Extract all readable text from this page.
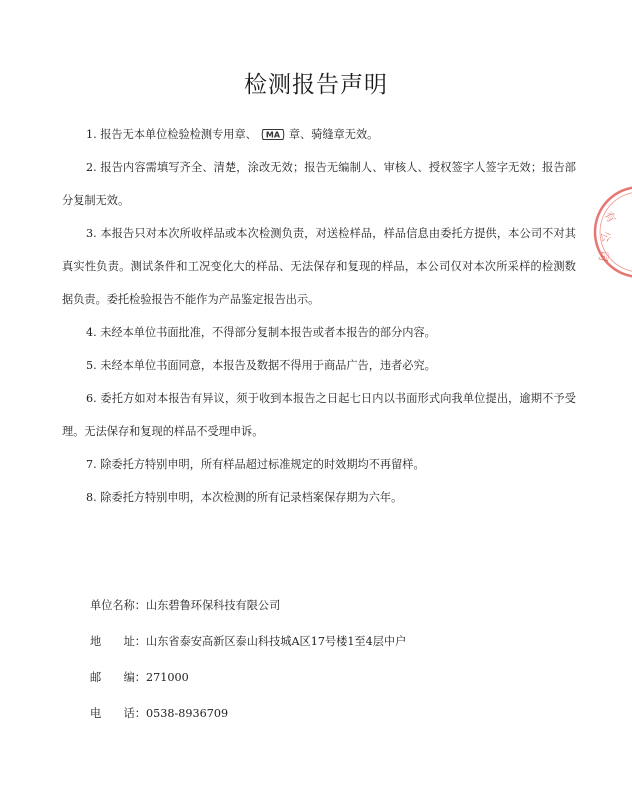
检测报告声明

1. 报告无本单位检验检测专用章、 MA 章、骑缝章无效。

2. 报告内容需填写齐全、清楚，涂改无效；报告无编制人、审核人、授权签字人签字无效；报告部分复制无效。

3. 本报告只对本次所收样品或本次检测负责，对送检样品，样品信息由委托方提供，本公司不对其真实性负责。测试条件和工况变化大的样品、无法保存和复现的样品，本公司仅对本次所采样的检测数据负责。委托检验报告不能作为产品鉴定报告出示。

4. 未经本单位书面批准，不得部分复制本报告或者本报告的部分内容。

5. 未经本单位书面同意，本报告及数据不得用于商品广告，违者必究。

6. 委托方如对本报告有异议，须于收到本报告之日起七日内以书面形式向我单位提出，逾期不予受理。无法保存和复现的样品不受理申诉。

7. 除委托方特别申明，所有样品超过标准规定的时效期均不再留样。

8. 除委托方特别申明，本次检测的所有记录档案保存期为六年。

单位名称：山东碧鲁环保科技有限公司
地　　址：山东省泰安高新区泰山科技城A区17号楼1至4层中户
邮　　编：271000
电　　话：0538-8936709
有
公
司
